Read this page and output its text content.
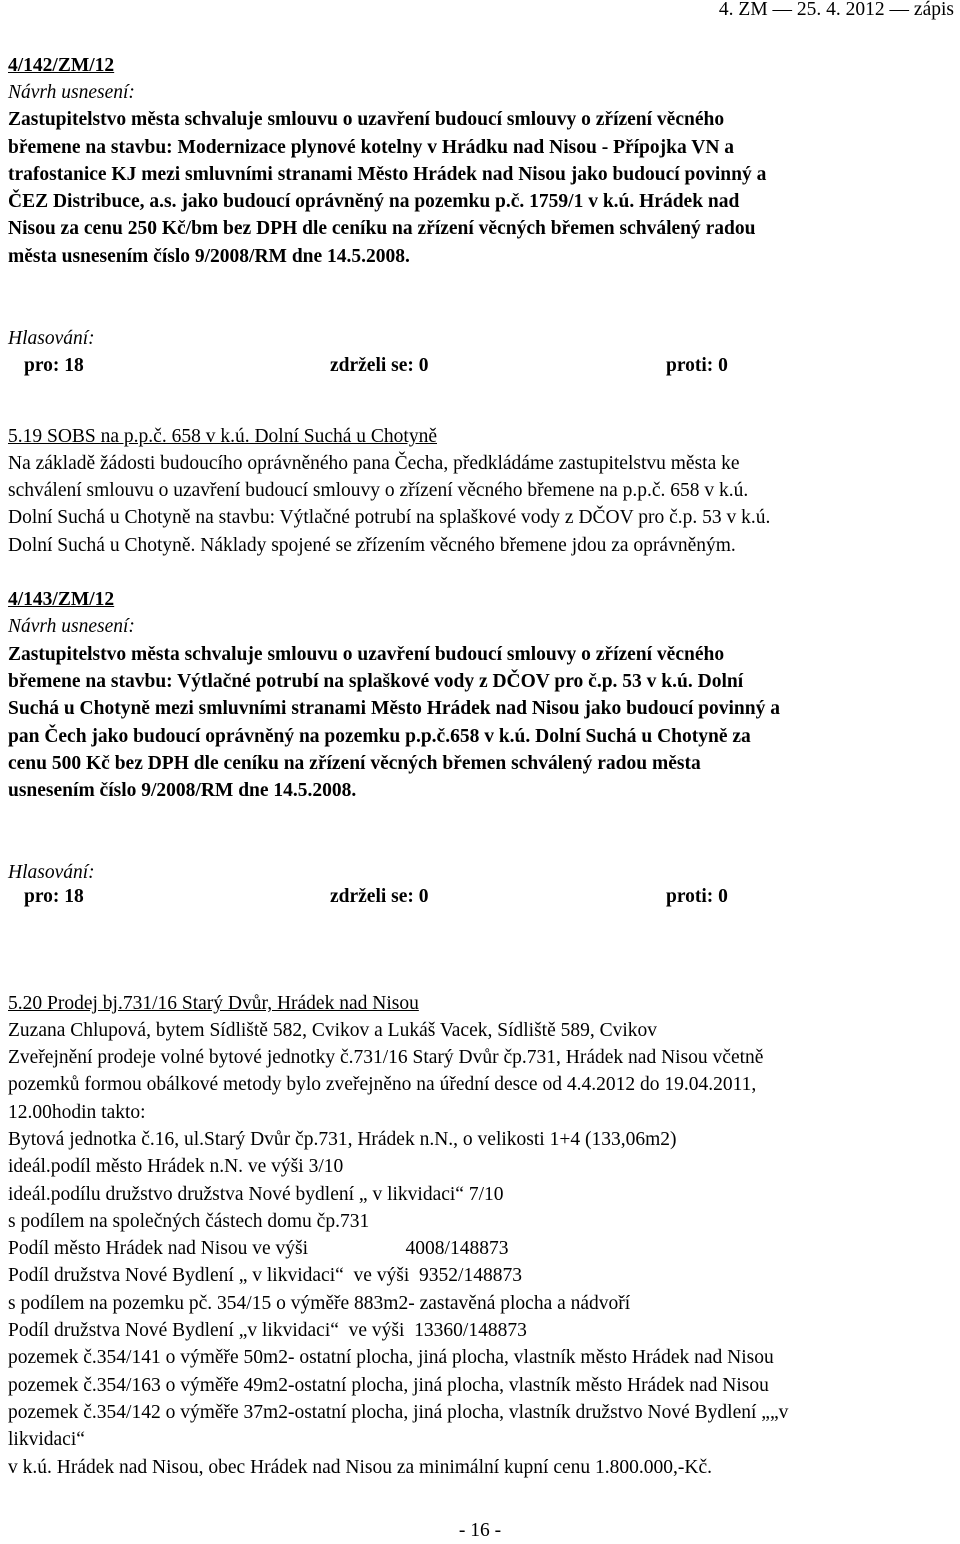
4. ZM — 25. 4. 2012 — zápis
4/142/ZM/12
Návrh usnesení:
Zastupitelstvo města schvaluje smlouvu o uzavření budoucí smlouvy o zřízení věcného
břemene na stavbu: Modernizace plynové kotelny v Hrádku nad Nisou - Přípojka VN a
trafostanice KJ mezi smluvními stranami Město Hrádek nad Nisou jako budoucí povinný a
ČEZ Distribuce, a.s. jako budoucí oprávněný na pozemku p.č. 1759/1 v k.ú. Hrádek nad
Nisou za cenu 250 Kč/bm bez DPH dle ceníku na zřízení věcných břemen schválený radou
města usnesením číslo 9/2008/RM dne 14.5.2008.
Hlasování:
pro: 18	zdrželi se: 0	proti: 0
5.19 SOBS na p.p.č. 658 v k.ú. Dolní Suchá u Chotyně
Na základě žádosti budoucího oprávněného pana Čecha, předkládáme zastupitelstvu města ke
schválení smlouvu o uzavření budoucí smlouvy o zřízení věcného břemene na p.p.č. 658 v k.ú.
Dolní Suchá u Chotyně na stavbu: Výtlačné potrubí na splaškové vody z DČOV pro č.p. 53 v k.ú.
Dolní Suchá u Chotyně. Náklady spojené se zřízením věcného břemene jdou za oprávněným.
4/143/ZM/12
Návrh usnesení:
Zastupitelstvo města schvaluje smlouvu o uzavření budoucí smlouvy o zřízení věcného
břemene na stavbu: Výtlačné potrubí na splaškové vody z DČOV pro č.p. 53 v k.ú. Dolní
Suchá u Chotyně mezi smluvními stranami Město Hrádek nad Nisou jako budoucí povinný a
pan Čech jako budoucí oprávněný na pozemku p.p.č.658 v k.ú. Dolní Suchá u Chotyně za
cenu 500 Kč bez DPH dle ceníku na zřízení věcných břemen schválený radou města
usnesením číslo 9/2008/RM dne 14.5.2008.
Hlasování:
pro: 18	zdrželi se: 0	proti: 0
5.20 Prodej bj.731/16 Starý Dvůr, Hrádek nad Nisou
Zuzana Chlupová, bytem Sídliště 582, Cvikov a Lukáš Vacek, Sídliště 589, Cvikov
Zveřejnění prodeje volné bytové jednotky č.731/16 Starý Dvůr čp.731, Hrádek nad Nisou včetně
pozemků formou obálkové metody bylo zveřejněno na úřední desce od 4.4.2012 do 19.04.2011,
12.00hodin takto:
Bytová jednotka č.16, ul.Starý Dvůr čp.731, Hrádek n.N., o velikosti 1+4 (133,06m2)
ideál.podíl město Hrádek n.N. ve výši 3/10
ideál.podílu družstvo družstva Nové bydlení „ v likvidaci“ 7/10
s podílem na společných částech domu čp.731
Podíl město Hrádek nad Nisou ve výši                    4008/148873
Podíl družstva Nové Bydlení „ v likvidaci“  ve výši  9352/148873
s podílem na pozemku pč. 354/15 o výměře 883m2- zastavěná plocha a nádvoří
Podíl družstva Nové Bydlení „v likvidaci“  ve výši  13360/148873
pozemek č.354/141 o výměře 50m2- ostatní plocha, jiná plocha, vlastník město Hrádek nad Nisou
pozemek č.354/163 o výměře 49m2-ostatní plocha, jiná plocha, vlastník město Hrádek nad Nisou
pozemek č.354/142 o výměře 37m2-ostatní plocha, jiná plocha, vlastník družstvo Nové Bydlení „„v
likvidaci“
v k.ú. Hrádek nad Nisou, obec Hrádek nad Nisou za minimální kupní cenu 1.800.000,-Kč.
- 16 -
